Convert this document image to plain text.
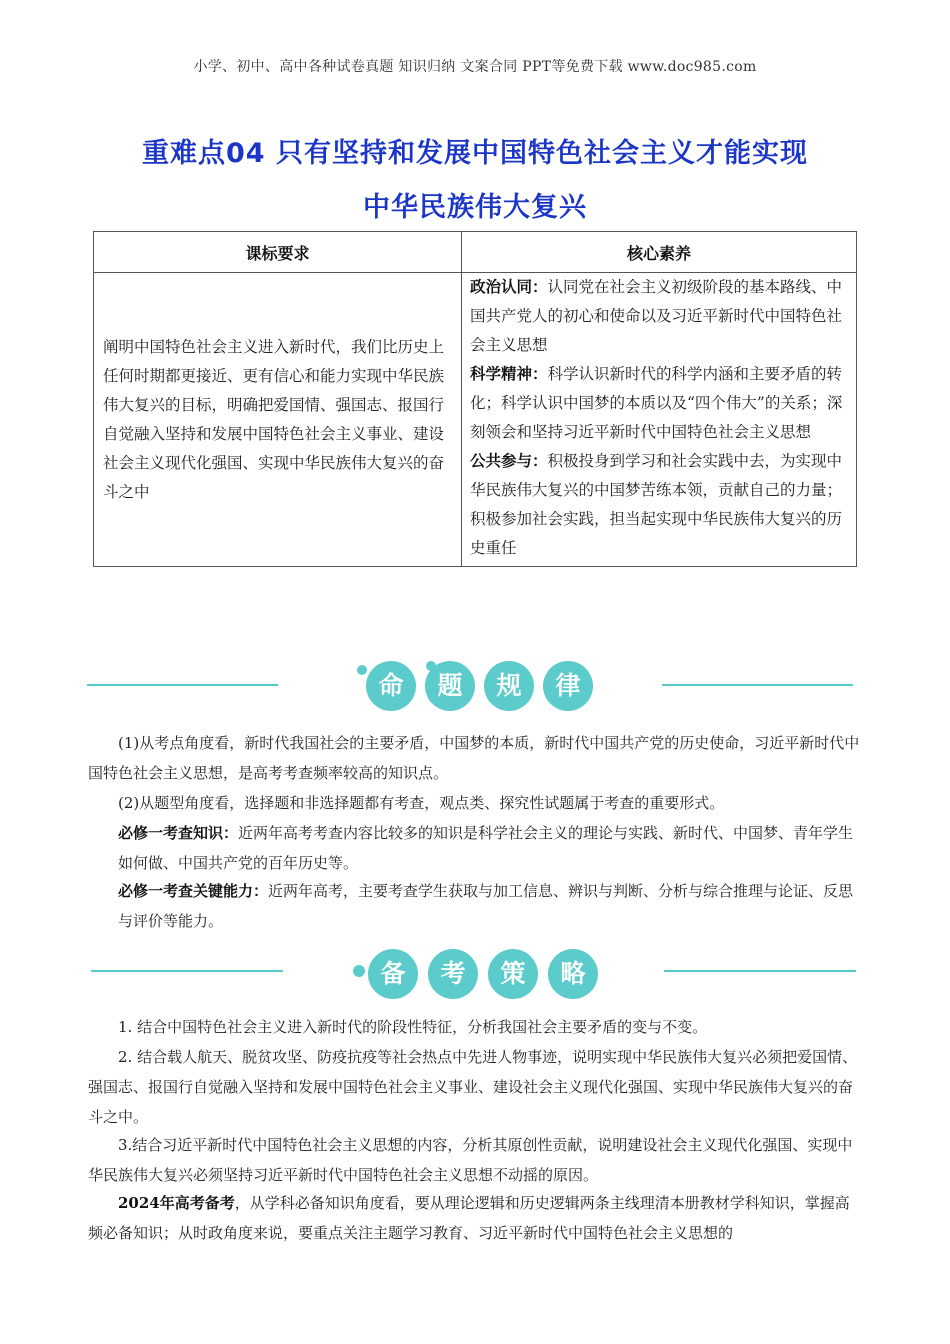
小学、初中、高中各种试卷真题 知识归纳 文案合同 PPT等免费下载 www.doc985.com
重难点04 只有坚持和发展中国特色社会主义才能实现
中华民族伟大复兴
课标要求	核心素养
阐明中国特色社会主义进入新时代，我们比历史上任何时期都更接近、更有信心和能力实现中华民族伟大复兴的目标，明确把爱国情、强国志、报国行自觉融入坚持和发展中国特色社会主义事业、建设社会主义现代化强国、实现中华民族伟大复兴的奋斗之中	政治认同：认同党在社会主义初级阶段的基本路线、中国共产党人的初心和使命以及习近平新时代中国特色社会主义思想

科学精神：科学认识新时代的科学内涵和主要矛盾的转化；科学认识中国梦的本质以及“四个伟大”的关系；深刻领会和坚持习近平新时代中国特色社会主义思想

公共参与：积极投身到学习和社会实践中去，为实现中华民族伟大复兴的中国梦苦练本领，贡献自己的力量；积极参加社会实践，担当起实现中华民族伟大复兴的历史重任

命	题	规	律

(1)从考点角度看，新时代我国社会的主要矛盾，中国梦的本质，新时代中国共产党的历史使命，习近平新时代中国特色社会主义思想，是高考考查频率较高的知识点。

(2)从题型角度看，选择题和非选择题都有考查，观点类、探究性试题属于考查的重要形式。

必修一考查知识：近两年高考考查内容比较多的知识是科学社会主义的理论与实践、新时代、中国梦、青年学生如何做、中国共产党的百年历史等。

必修一考查关键能力：近两年高考，主要考查学生获取与加工信息、辨识与判断、分析与综合推理与论证、反思与评价等能力。

备	考	策	略

1. 结合中国特色社会主义进入新时代的阶段性特征，分析我国社会主要矛盾的变与不变。

2. 结合载人航天、脱贫攻坚、防疫抗疫等社会热点中先进人物事迹，说明实现中华民族伟大复兴必须把爱国情、强国志、报国行自觉融入坚持和发展中国特色社会主义事业、建设社会主义现代化强国、实现中华民族伟大复兴的奋斗之中。

3.结合习近平新时代中国特色社会主义思想的内容，分析其原创性贡献，说明建设社会主义现代化强国、实现中华民族伟大复兴必须坚持习近平新时代中国特色社会主义思想不动摇的原因。

2024年高考备考，从学科必备知识角度看，要从理论逻辑和历史逻辑两条主线理清本册教材学科知识，掌握高频必备知识；从时政角度来说，要重点关注主题学习教育、习近平新时代中国特色社会主义思想的
